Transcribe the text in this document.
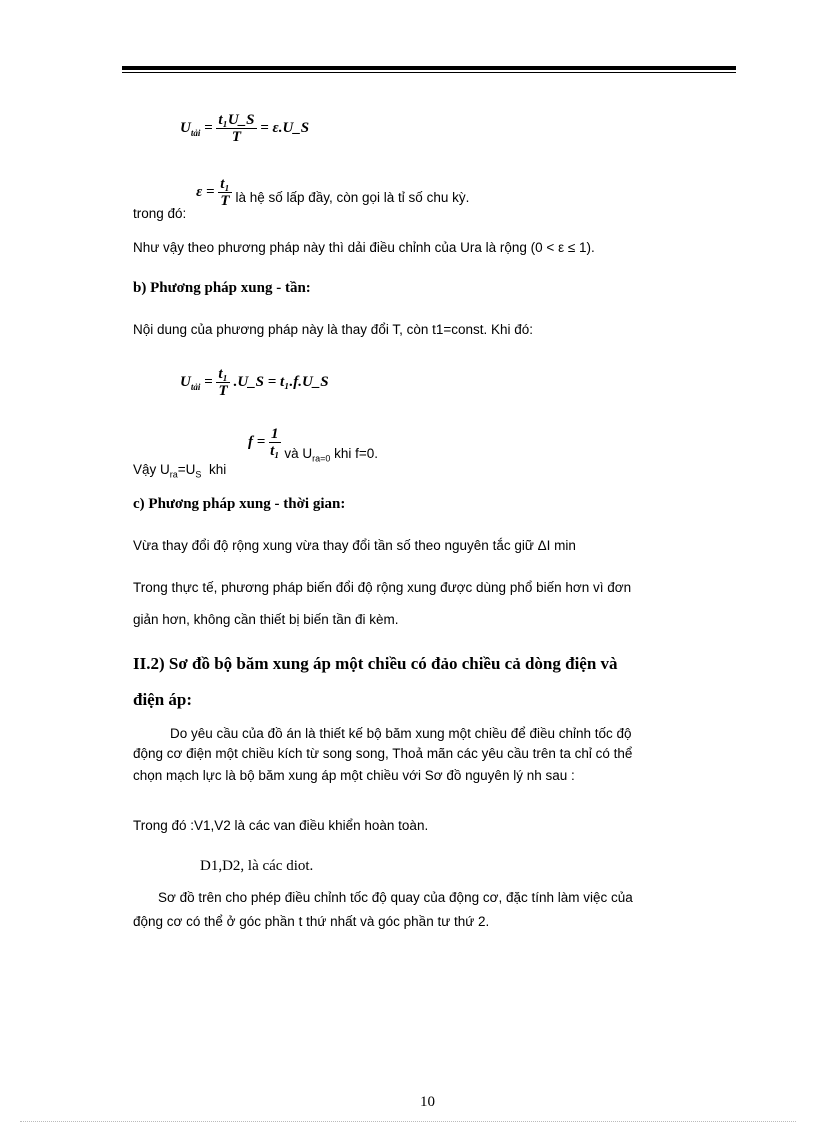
$U_{tải} = \frac{\text{t₁U\_S}}{T}$ = ε.U_S
trong đó: $\varepsilon = \frac{\text{t₁}}{T}$ là hệ số lấp đầy, còn gọi là tỉ số chu kỳ.
Như vậy theo phương pháp này thì dải điều chỉnh của Ura là rộng (0 < ε ≤ 1).
b) Phương pháp xung - tần:
Nội dung của phương pháp này là thay đổi T, còn t1=const. Khi đó:
$U_{tải} = \frac{\text{t₁}}{T}$ .U_S = t₁.f.U_S
Vậy $U_{ra}=U_S$ khi $f = \frac{1}{\text{t₁}}$ và $U_{ra=0}$ khi f=0.
c) Phương pháp xung - thời gian:
Vừa thay đổi độ rộng xung vừa thay đổi tần số theo nguyên tắc giữ ΔI min
Trong thực tế, phương pháp biến đổi độ rộng xung được dùng phổ biến hơn vì đơn
giản hơn, không cần thiết bị biến tần đi kèm.
II.2) Sơ đồ bộ băm xung áp một chiều có đảo chiều cả dòng điện và
điện áp:
Do yêu cầu của đồ án là thiết kế bộ băm xung một chiều để điều chỉnh tốc độ
động cơ điện một chiều kích từ song song, Thoả mãn các yêu cầu trên ta chỉ có thể
chọn mạch lực là bộ băm xung áp một chiều với Sơ đồ nguyên lý nh sau :
Trong đó :V1,V2 là các van điều khiển hoàn toàn.
D1,D2, là các diot.
Sơ đồ trên cho phép điều chỉnh tốc độ quay của động cơ, đặc tính làm việc của
động cơ có thể ở góc phần t thứ nhất và góc phần tư thứ 2.
10
